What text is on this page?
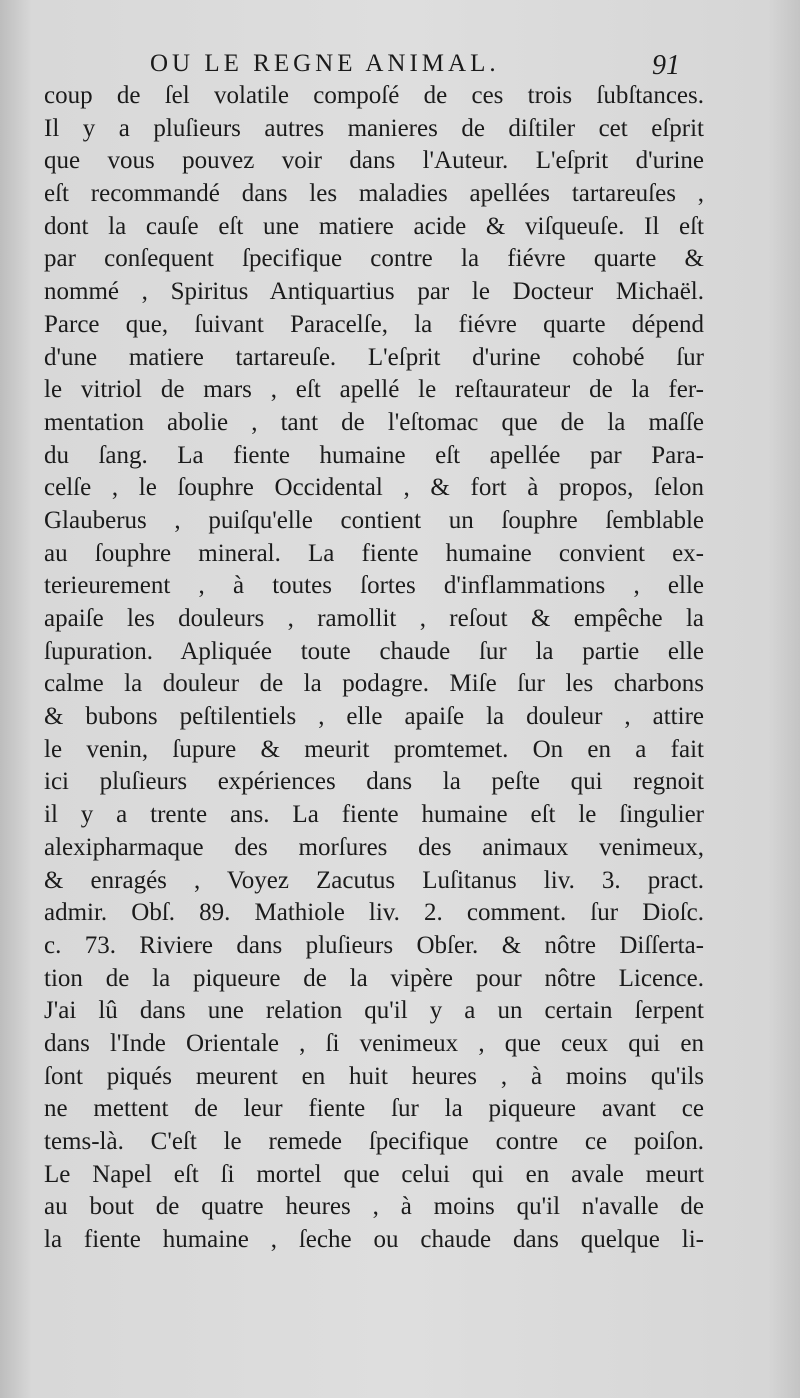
OU LE REGNE ANIMAL.	91
coup de ſel volatile compoſé de ces trois ſubſtances.
Il y a pluſieurs autres manieres de diſtiler cet eſprit
que vous pouvez voir dans l'Auteur. L'eſprit d'urine
eſt recommandé dans les maladies apellées tartareuſes ,
dont la cauſe eſt une matiere acide & viſqueuſe. Il eſt
par conſequent ſpecifique contre la fiévre quarte &
nommé , Spiritus Antiquartius par le Docteur Michaël.
Parce que, ſuivant Paracelſe, la fiévre quarte dépend
d'une matiere tartareuſe. L'eſprit d'urine cohobé ſur
le vitriol de mars , eſt apellé le reſtaurateur de la fer-
mentation abolie , tant de l'eſtomac que de la maſſe
du ſang. La fiente humaine eſt apellée par Para-
celſe , le ſouphre Occidental , & fort à propos, ſelon
Glauberus , puiſqu'elle contient un ſouphre ſemblable
au ſouphre mineral. La fiente humaine convient ex-
terieurement , à toutes ſortes d'inflammations , elle
apaiſe les douleurs , ramollit , reſout & empêche la
ſupuration. Apliquée toute chaude ſur la partie elle
calme la douleur de la podagre. Miſe ſur les charbons
& bubons peſtilentiels , elle apaiſe la douleur , attire
le venin, ſupure & meurit promtemet. On en a fait
ici pluſieurs expériences dans la peſte qui regnoit
il y a trente ans. La fiente humaine eſt le ſingulier
alexipharmaque des morſures des animaux venimeux,
& enragés , Voyez Zacutus Luſitanus liv. 3. pract.
admir. Obſ. 89. Mathiole liv. 2. comment. ſur Dioſc.
c. 73. Riviere dans pluſieurs Obſer. & nôtre Diſſerta-
tion de la piqueure de la vipère pour nôtre Licence.
J'ai lû dans une relation qu'il y a un certain ſerpent
dans l'Inde Orientale , ſi venimeux , que ceux qui en
ſont piqués meurent en huit heures , à moins qu'ils
ne mettent de leur fiente ſur la piqueure avant ce
tems-là. C'eſt le remede ſpecifique contre ce poiſon.
Le Napel eſt ſi mortel que celui qui en avale meurt
au bout de quatre heures , à moins qu'il n'avalle de
la fiente humaine , ſeche ou chaude dans quelque li-
